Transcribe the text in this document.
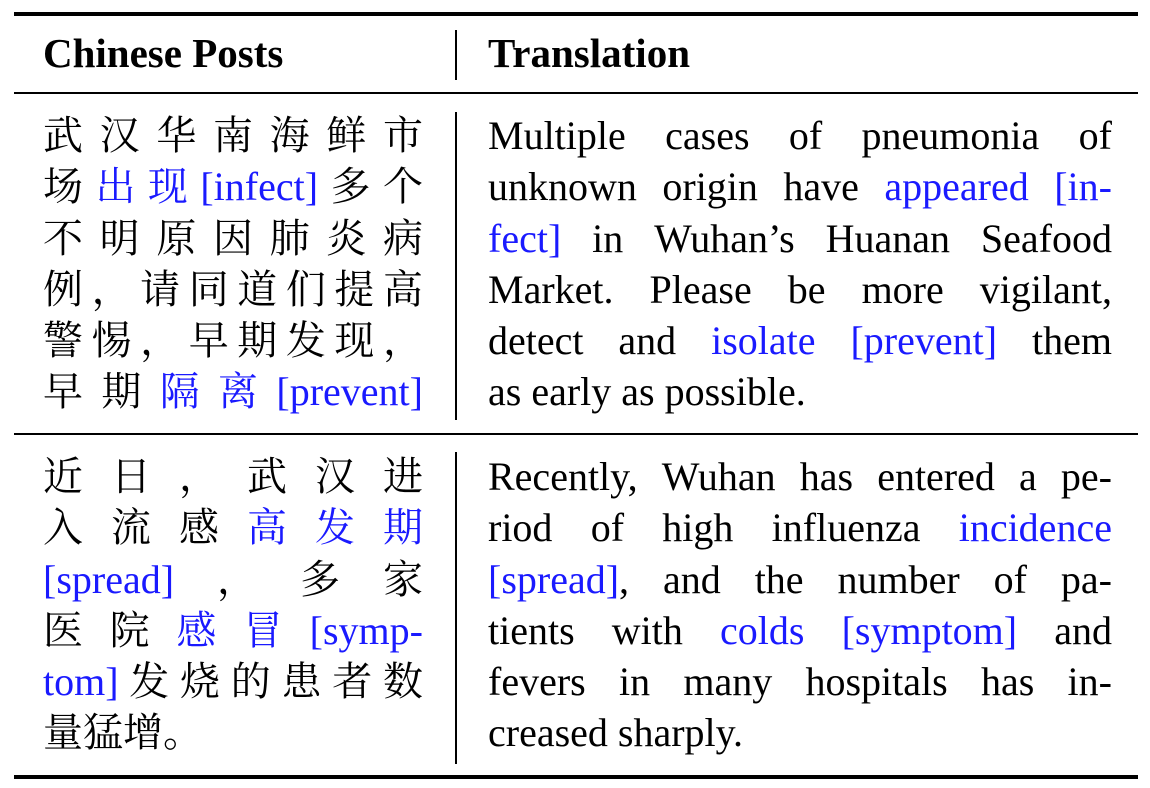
Chinese Posts	Translation
武 汉 华 南 海 鲜 市
场 出 现 [infect] 多 个
不 明 原 因 肺 炎 病
例 ， 请 同 道 们 提 高
警 惕 ， 早 期 发 现 ，
早 期 隔 离 [prevent]
Multiple cases of pneumonia of
unknown origin have appeared [in-
fect] in Wuhan’s Huanan Seafood
Market. Please be more vigilant,
detect and isolate [prevent] them
as early as possible.
近 日 ， 武 汉 进
入 流 感 高 发 期
[spread] ， 多 家
医 院 感 冒 [symp-
tom] 发 烧 的 患 者 数
量猛增。
Recently, Wuhan has entered a pe-
riod of high influenza incidence
[spread], and the number of pa-
tients with colds [symptom] and
fevers in many hospitals has in-
creased sharply.
